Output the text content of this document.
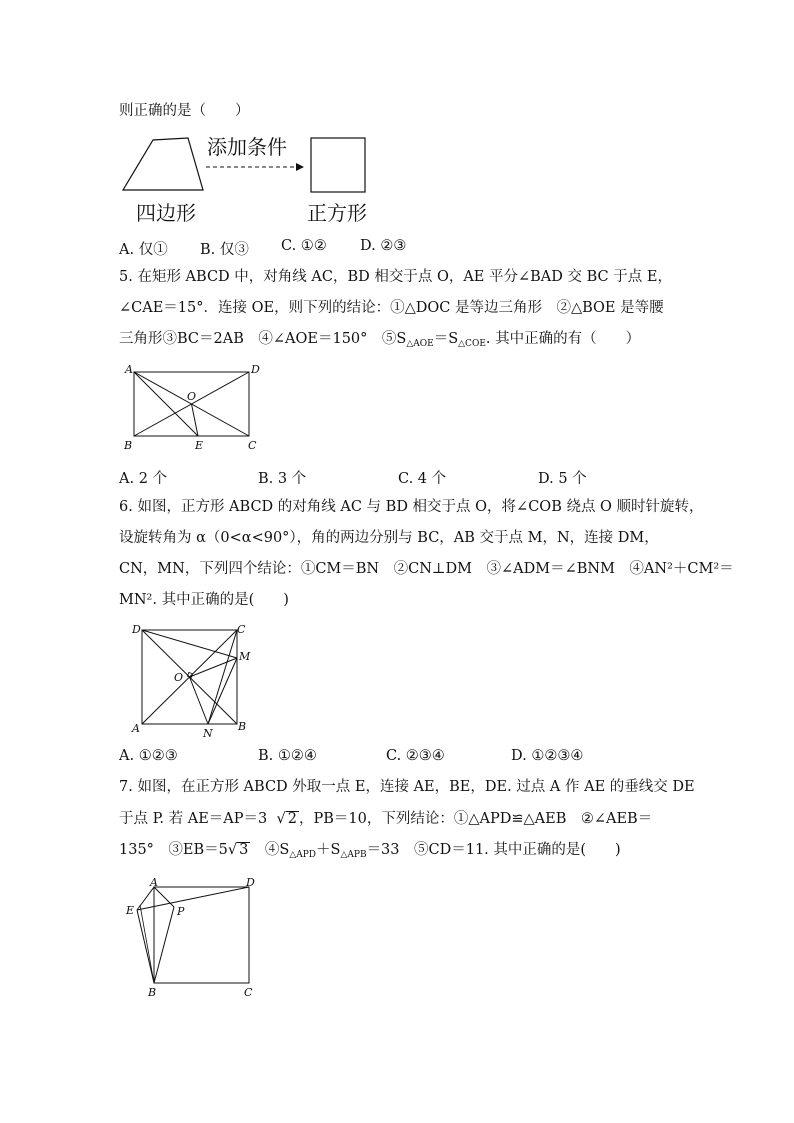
则正确的是（　　）
添加条件
四边形	正方形
A. 仅① B. 仅③ C. ①② D. ②③
5. 在矩形 ABCD 中，对角线 AC，BD 相交于点 O，AE 平分∠BAD 交 BC 于点 E，
∠CAE＝15°．连接 OE，则下列的结论：①△DOC 是等边三角形　②△BOE 是等腰
三角形③BC＝2AB　④∠AOE＝150°　$⑤S_{\triangle AOE}=S_{\triangle COE}$. 其中正确的有（　　）
A	D
O
B	E	C
A. 2 个	B. 3 个	C. 4 个	D. 5 个
6. 如图，正方形 ABCD 的对角线 AC 与 BD 相交于点 O，将∠COB 绕点 O 顺时针旋转，
设旋转角为 α（0<α<90°），角的两边分别与 BC，AB 交于点 M，N，连接 DM，
CN，MN，下列四个结论：①CM＝BN　②CN⊥DM　③∠ADM＝∠BNM　④AN²＋CM²＝
MN². 其中正确的是(　　)
D	C
M
O
A	N
B
A. ①②③	B. ①②④	C. ②③④	D. ①②③④
7. 如图，在正方形 ABCD 外取一点 E，连接 AE，BE，DE. 过点 A 作 AE 的垂线交 DE
于点 P. 若 AE＝AP＝3  √ 2 ，PB＝10，下列结论：①△APD≌△AEB　②∠AEB＝
135°　③EB＝5√ 3　$④S_{\triangle APD}+S_{\triangle APB}=33$　⑤CD＝11. 其中正确的是(　　)
A	D
E	P
B	C
